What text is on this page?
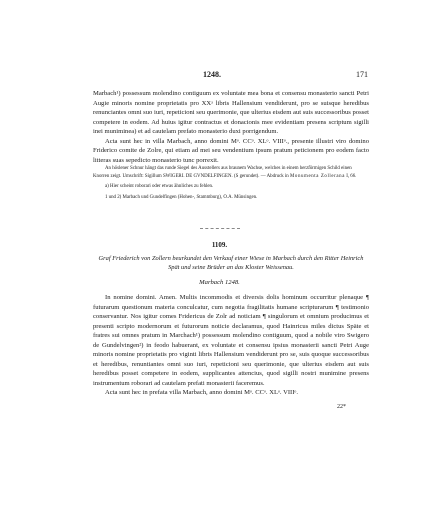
1248.	171

Marbach¹) possessum molendino contiguum ex voluntate mea bona et consensu monasterio sancti Petri Augie minoris nomine proprietatis pro XXᵃ libris Hallensium vendiderunt, pro se suisque heredibus renunciantes omni suo iuri, repeticioni seu querimonie, que ulterius eisdem aut suis successoribus posset competere in eodem. Ad huius igitur contractus et donacionis mee evidentiam presens scriptum sigilli inei muniminea) et ad cautelam prefato monasterio duxi porrigendum.

Acta sunt hec in villa Marbach, anno domini Mᵒ. CCᵒ. XLᵒ. VIIIᵒ., presente illustri viro domino Friderico comite de Zolre, qui etiam ad mei seu vendentium ipsum pratum peticionem pro eodem facto litteras suas sepedicto monasterio tunc porrexit.

An höslener Schnur hängt das runde Siegel des Ausstellers aus braunem Wachse, welches in einem herzförmigen Schild einen Knorren zeigt. Umschrift: Sigillum SWIGERI. DE GVNDELFINGEN. (S gerundet). — Abdruck in Monumenta Zollerana I, 66.

a) Hier scheint roborari oder etwas ähnliches zu fehlen.

1 und 2) Marbach und Gundelfingen (Hohen-, Stammburg), O.A. Münsingen.

1109.
Graf Friederich von Zollern beurkundet den Verkauf einer Wiese in Marbach durch den Ritter Heinrich Spät und seine Brüder an das Kloster Weissenau.
Marbach 1248.

In nomine domini. Amen. Multis incommodis et diversis dolis hominum occurritur plenaque ¶ futurarum questionum materia conculcatur, cum negotia fragilitatis humane scripturarum ¶ testimonio conservantur. Nos igitur comes Fridericus de Zolr ad noticiam ¶ singulorum et omnium producimus et presenti scripto modernorum et futurorum noticie declaramus, quod Hainricus miles dictus Späte et fratres sui omnes pratum in Marchach¹) possessum molendino contiguum, quod a nobile viro Swigero de Gundelvingen²) in feodo habuerant, ex voluntate et consensu ipsius monasterii sancti Petri Auge minoris nomine proprietatis pro viginti libris Hallensium vendiderunt pro se, suis quoque successoribus et heredibus, renuntiantes omni suo iuri, repeticioni seu querimonie, que ulterius eisdem aut suis heredibus posset competere in eodem, supplicantes attencius, quod sigilli nostri munimine presens instrumentum roborari ad cautelam prefati monasterii faceremus.

Acta sunt hec in prefata villa Marbach, anno domini Mᵒ. CCᵒ. XLᵒ. VIIIᵒ.

22*
